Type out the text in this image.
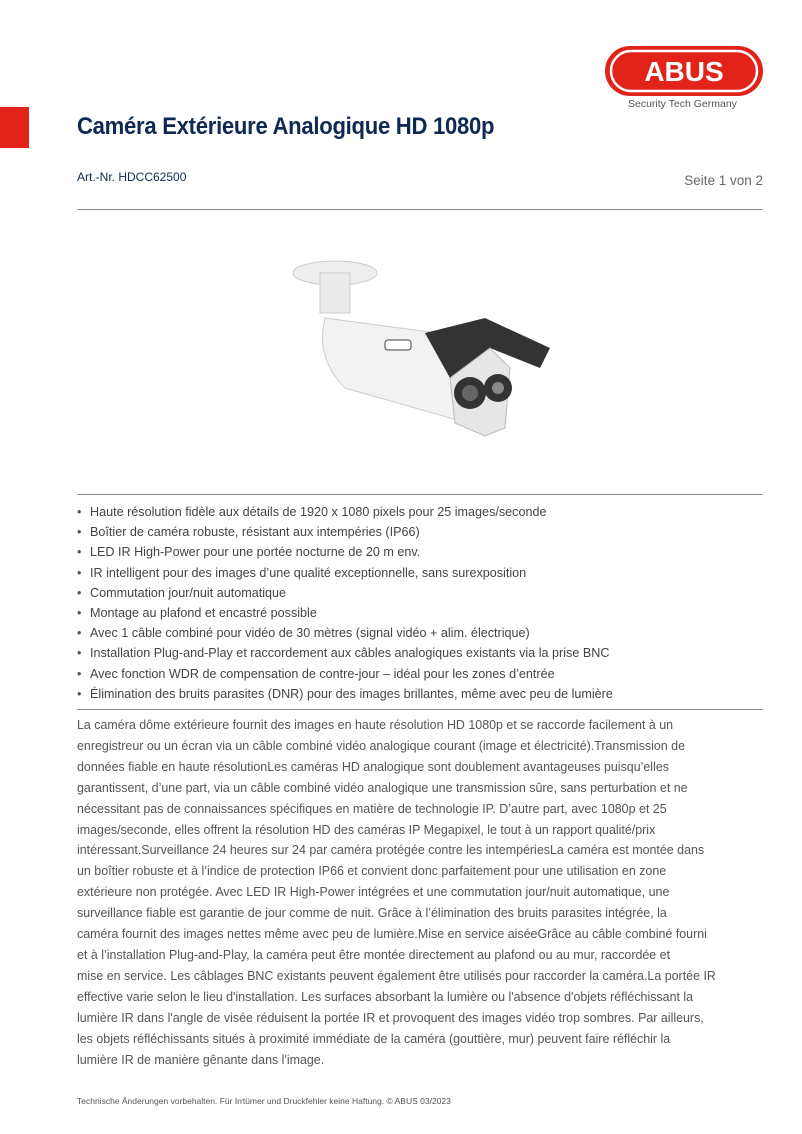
ABUS
Security Tech Germany
Caméra Extérieure Analogique HD 1080p
Art.-Nr. HDCC62500	Seite 1 von 2
• Haute résolution fidèle aux détails de 1920 x 1080 pixels pour 25 images/seconde
• Boîtier de caméra robuste, résistant aux intempéries (IP66)
• LED IR High-Power pour une portée nocturne de 20 m env.
• IR intelligent pour des images d’une qualité exceptionnelle, sans surexposition
• Commutation jour/nuit automatique
• Montage au plafond et encastré possible
• Avec 1 câble combiné pour vidéo de 30 mètres (signal vidéo + alim. électrique)
• Installation Plug-and-Play et raccordement aux câbles analogiques existants via la prise BNC
• Avec fonction WDR de compensation de contre-jour – idéal pour les zones d’entrée
• Élimination des bruits parasites (DNR) pour des images brillantes, même avec peu de lumière
La caméra dôme extérieure fournit des images en haute résolution HD 1080p et se raccorde facilement à un
enregistreur ou un écran via un câble combiné vidéo analogique courant (image et électricité).Transmission de
données fiable en haute résolutionLes caméras HD analogique sont doublement avantageuses puisqu’elles
garantissent, d’une part, via un câble combiné vidéo analogique une transmission sûre, sans perturbation et ne
nécessitant pas de connaissances spécifiques en matière de technologie IP. D’autre part, avec 1080p et 25
images/seconde, elles offrent la résolution HD des caméras IP Megapixel, le tout à un rapport qualité/prix
intéressant.Surveillance 24 heures sur 24 par caméra protégée contre les intempériesLa caméra est montée dans
un boîtier robuste et à l’indice de protection IP66 et convient donc parfaitement pour une utilisation en zone
extérieure non protégée. Avec LED IR High-Power intégrées et une commutation jour/nuit automatique, une
surveillance fiable est garantie de jour comme de nuit. Grâce à l’élimination des bruits parasites intégrée, la
caméra fournit des images nettes même avec peu de lumière.Mise en service aiséeGrâce au câble combiné fourni
et à l’installation Plug-and-Play, la caméra peut être montée directement au plafond ou au mur, raccordée et
mise en service. Les câblages BNC existants peuvent également être utilisés pour raccorder la caméra.La portée IR
effective varie selon le lieu d'installation. Les surfaces absorbant la lumière ou l'absence d'objets réfléchissant la
lumière IR dans l'angle de visée réduisent la portée IR et provoquent des images vidéo trop sombres. Par ailleurs,
les objets réfléchissants situés à proximité immédiate de la caméra (gouttière, mur) peuvent faire réfléchir la
lumière IR de manière gênante dans l'image.
Technische Änderungen vorbehalten. Für Irrtümer und Druckfehler keine Haftung. © ABUS 03/2023
